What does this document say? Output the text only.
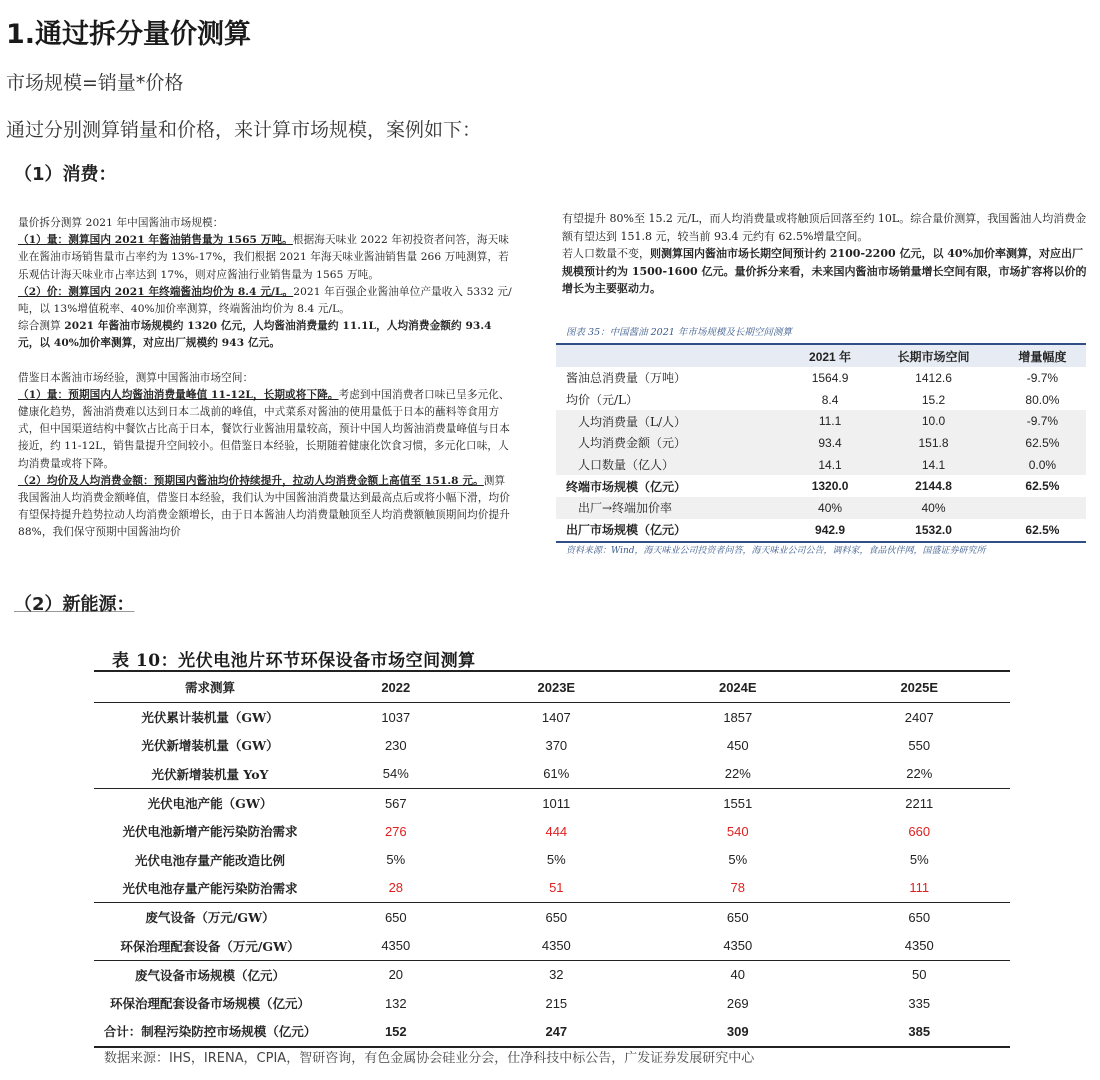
1.通过拆分量价测算
市场规模=销量*价格
通过分别测算销量和价格，来计算市场规模，案例如下：
（1）消费：

量价拆分测算 2021 年中国酱油市场规模：

（1）量：测算国内 2021 年酱油销售量为 1565 万吨。根据海天味业 2022 年初投资者问答，海天味业在酱油市场销售量市占率约为 13%-17%，我们根据 2021 年海天味业酱油销售量 266 万吨测算，若乐观估计海天味业市占率达到 17%，则对应酱油行业销售量为 1565 万吨。

（2）价：测算国内 2021 年终端酱油均价为 8.4 元/L。2021 年百强企业酱油单位产量收入 5332 元/吨，以 13%增值税率、40%加价率测算，终端酱油均价为 8.4 元/L。

综合测算 2021 年酱油市场规模约 1320 亿元，人均酱油消费量约 11.1L，人均消费金额约 93.4 元，以 40%加价率测算，对应出厂规模约 943 亿元。

借鉴日本酱油市场经验，测算中国酱油市场空间：

（1）量：预期国内人均酱油消费量峰值 11-12L，长期或将下降。考虑到中国消费者口味已呈多元化、健康化趋势，酱油消费难以达到日本二战前的峰值，中式菜系对酱油的使用量低于日本的蘸料等食用方式，但中国渠道结构中餐饮占比高于日本，餐饮行业酱油用量较高，预计中国人均酱油消费量峰值与日本接近，约 11-12L，销售量提升空间较小。但借鉴日本经验，长期随着健康化饮食习惯，多元化口味，人均消费量或将下降。

（2）均价及人均消费金额：预期国内酱油均价持续提升，拉动人均消费金额上高值至 151.8 元。测算我国酱油人均消费金额峰值，借鉴日本经验，我们认为中国酱油消费量达到最高点后或将小幅下滑，均价有望保持提升趋势拉动人均消费金额增长，由于日本酱油人均消费量触顶至人均消费额触顶期间均价提升 88%，我们保守预期中国酱油均价

有望提升 80%至 15.2 元/L，而人均消费量或将触顶后回落至约 10L。综合量价测算，我国酱油人均消费金额有望达到 151.8 元，较当前 93.4 元约有 62.5%增量空间。

若人口数量不变，则测算国内酱油市场长期空间预计约 2100-2200 亿元，以 40%加价率测算，对应出厂规模预计约为 1500-1600 亿元。量价拆分来看，未来国内酱油市场销量增长空间有限，市场扩容将以价的增长为主要驱动力。

图表 35：中国酱油 2021 年市场规模及长期空间测算
	2021 年	长期市场空间	增量幅度
酱油总消费量（万吨）	1564.9	1412.6	-9.7%
均价（元/L）	8.4	15.2	80.0%
人均消费量（L/人）	11.1	10.0	-9.7%
人均消费金额（元）	93.4	151.8	62.5%
人口数量（亿人）	14.1	14.1	0.0%
终端市场规模（亿元）	1320.0	2144.8	62.5%
出厂→终端加价率	40%	40%	
出厂市场规模（亿元）	942.9	1532.0	62.5%
资料来源：Wind，海天味业公司投资者问答，海天味业公司公告，调料家，食品伙伴网，国盛证券研究所
（2）新能源：
表 10：光伏电池片环节环保设备市场空间测算
需求测算	2022	2023E	2024E	2025E
光伏累计装机量（GW）	1037	1407	1857	2407
光伏新增装机量（GW）	230	370	450	550
光伏新增装机量 YoY	54%	61%	22%	22%
光伏电池产能（GW）	567	1011	1551	2211
光伏电池新增产能污染防治需求	276	444	540	660
光伏电池存量产能改造比例	5%	5%	5%	5%
光伏电池存量产能污染防治需求	28	51	78	111
废气设备（万元/GW）	650	650	650	650
环保治理配套设备（万元/GW）	4350	4350	4350	4350
废气设备市场规模（亿元）	20	32	40	50
环保治理配套设备市场规模（亿元）	132	215	269	335
合计：制程污染防控市场规模（亿元）	152	247	309	385
数据来源：IHS，IRENA，CPIA，智研咨询，有色金属协会硅业分会，仕净科技中标公告，广发证券发展研究中心
